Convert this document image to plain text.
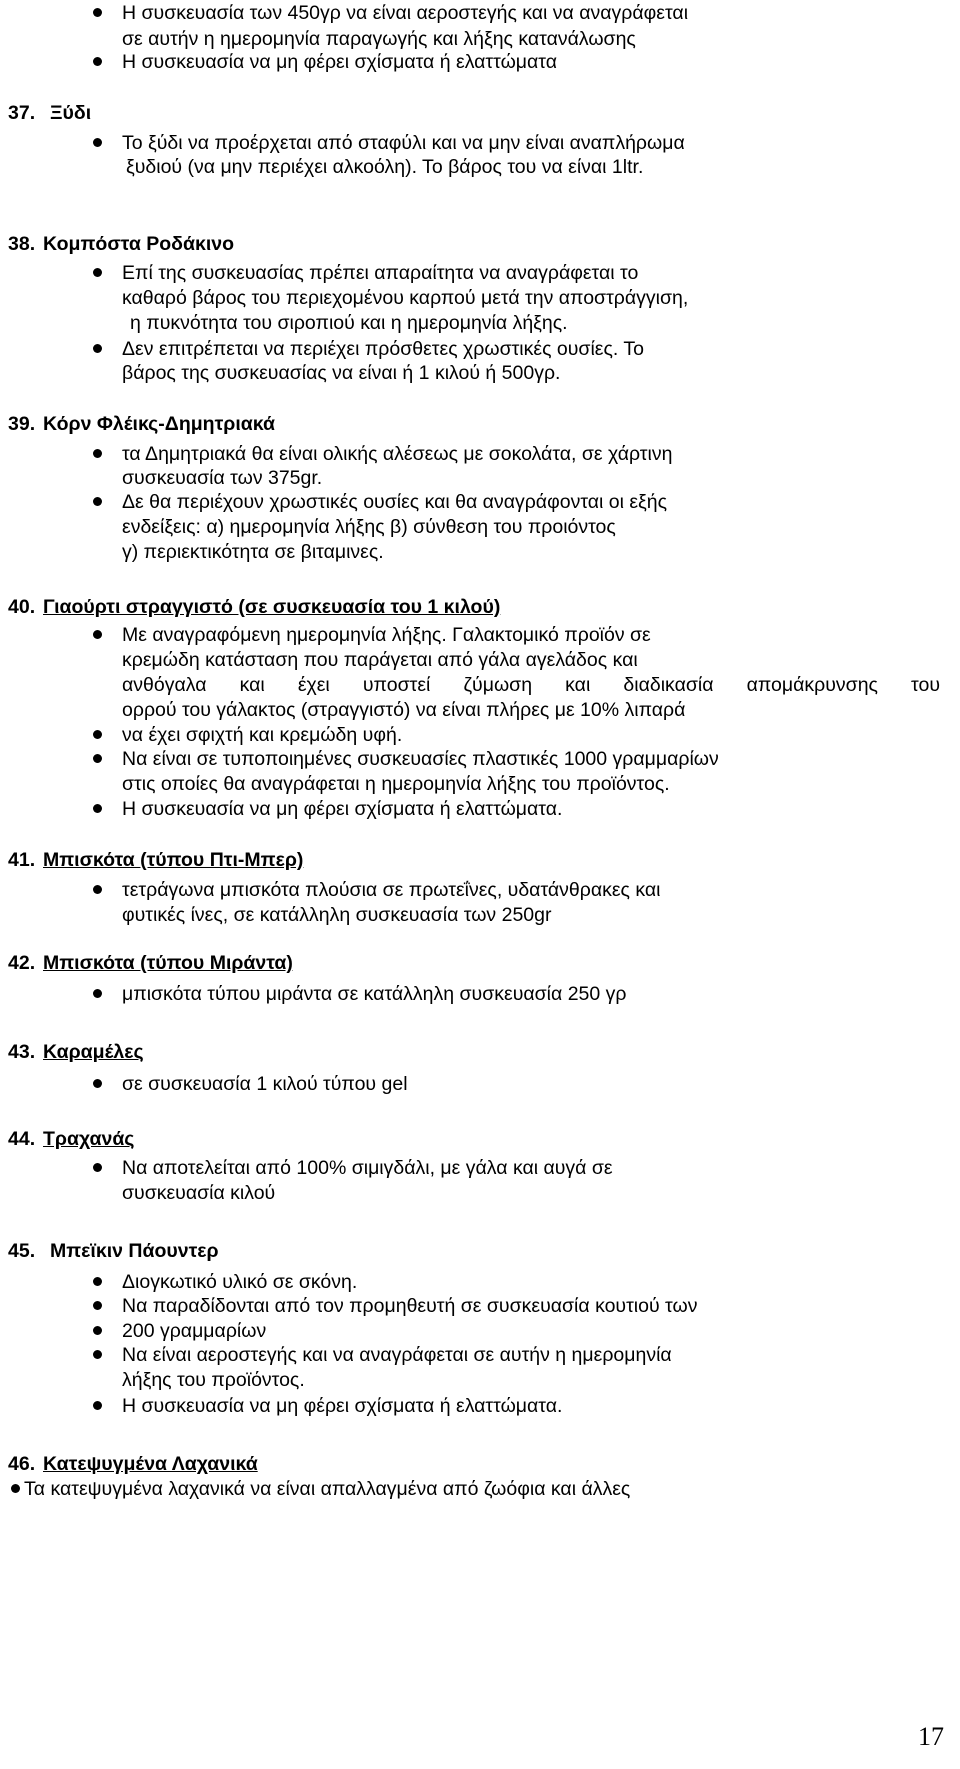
Η συσκευασία των 450γρ να είναι αεροστεγής και να αναγράφεται
σε αυτήν η ημερομηνία παραγωγής και λήξης κατανάλωσης
Η συσκευασία να μη φέρει σχίσματα ή ελαττώματα
37. Ξύδι
Το ξύδι να προέρχεται από σταφύλι και να μην είναι αναπλήρωμα
ξυδιού (να μην περιέχει αλκοόλη). Το βάρος του να είναι 1ltr.
38. Κομπόστα Ροδάκινο
Επί της συσκευασίας πρέπει απαραίτητα να αναγράφεται το
καθαρό βάρος του περιεχομένου καρπού μετά την αποστράγγιση,
η πυκνότητα του σιροπιού και η ημερομηνία λήξης.
Δεν επιτρέπεται να περιέχει πρόσθετες χρωστικές ουσίες. Το
βάρος της συσκευασίας να είναι ή 1 κιλού ή 500γρ.
39. Κόρν Φλέικς-Δημητριακά
τα Δημητριακά θα είναι ολικής αλέσεως με σοκολάτα, σε χάρτινη
συσκευασία των 375gr.
Δε θα περιέχουν χρωστικές ουσίες και θα αναγράφονται οι εξής
ενδείξεις: α) ημερομηνία λήξης β) σύνθεση του προιόντος
γ) περιεκτικότητα σε βιταμινες.
40. Γιαούρτι στραγγιστό (σε συσκευασία του 1 κιλού)
Με αναγραφόμενη ημερομηνία λήξης. Γαλακτομικό προϊόν σε
κρεμώδη κατάσταση που παράγεται από γάλα αγελάδος και
ανθόγαλα και έχει υποστεί ζύμωση και διαδικασία απομάκρυνσης του
ορρού του γάλακτος (στραγγιστό) να είναι πλήρες με 10% λιπαρά
να έχει σφιχτή και κρεμώδη υφή.
Να είναι σε τυποποιημένες συσκευασίες πλαστικές 1000 γραμμαρίων
στις οποίες θα αναγράφεται η ημερομηνία λήξης του προϊόντος.
Η συσκευασία να μη φέρει σχίσματα ή ελαττώματα.
41. Μπισκότα (τύπου Πτι-Μπερ)
τετράγωνα μπισκότα πλούσια σε πρωτεΐνες, υδατάνθρακες και
φυτικές ίνες, σε κατάλληλη συσκευασία των 250gr
42. Μπισκότα (τύπου Μιράντα)
μπισκότα τύπου μιράντα σε κατάλληλη συσκευασία 250 γρ
43. Καραμέλες
σε συσκευασία 1 κιλού τύπου gel
44. Τραχανάς
Να αποτελείται από 100% σιμιγδάλι, με γάλα και αυγά σε
συσκευασία κιλού
45. Μπεϊκιν Πάουντερ
Διογκωτικό υλικό σε σκόνη.
Να παραδίδονται από τον προμηθευτή σε συσκευασία κουτιού των
200 γραμμαρίων
Να είναι αεροστεγής και να αναγράφεται σε αυτήν η ημερομηνία
λήξης του προϊόντος.
Η συσκευασία να μη φέρει σχίσματα ή ελαττώματα.
46. Κατεψυγμένα Λαχανικά
Τα κατεψυγμένα λαχανικά να είναι απαλλαγμένα από ζωόφια και άλλες
17
